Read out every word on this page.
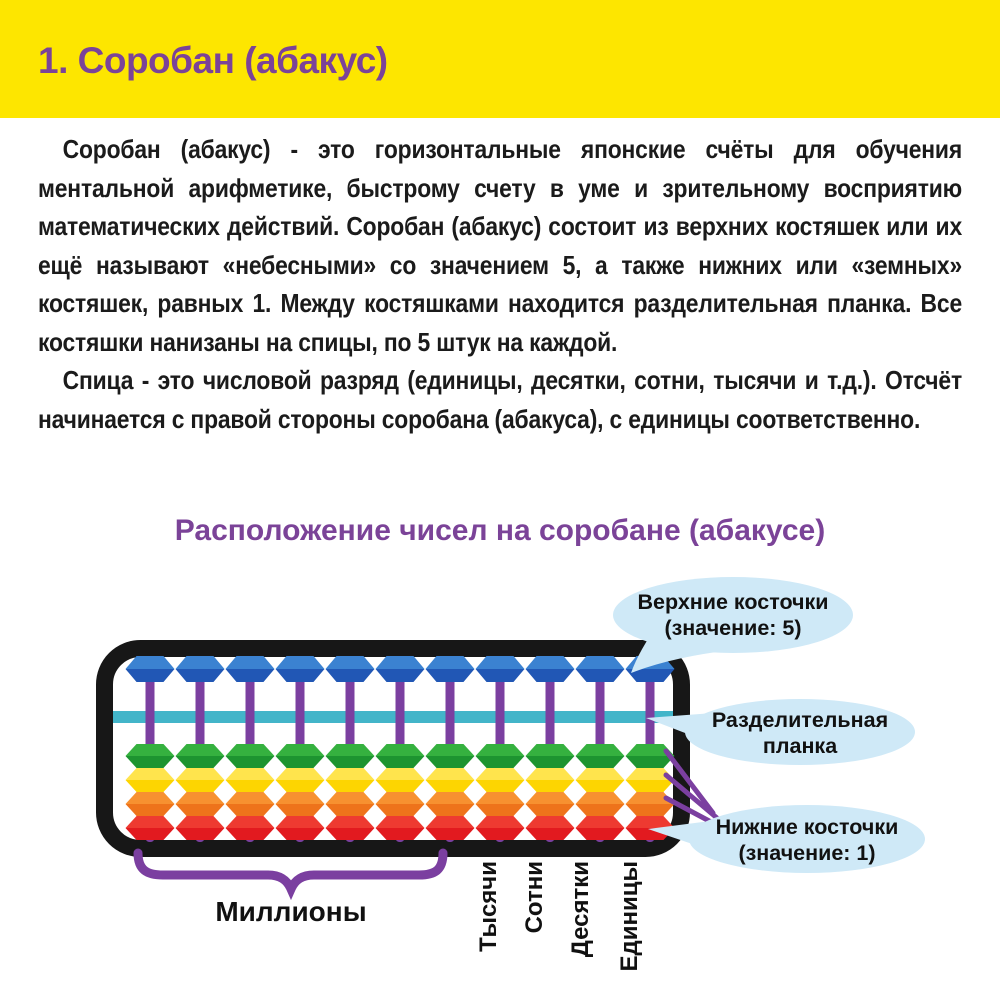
1. Соробан (абакус)

Соробан (абакус) - это горизонтальные японские счёты для обучения ментальной арифметике, быстрому счету в уме и зрительному восприятию математических действий. Соробан (абакус) состоит из верхних костяшек или их ещё называют «небесными» со значением 5, а также нижних или «земных» костяшек, равных 1. Между костяшками находится разделительная планка. Все костяшки нанизаны на спицы, по 5 штук на каждой.

Спица - это числовой разряд (единицы, десятки, сотни, тысячи и т.д.). Отсчёт начинается с правой стороны соробана (абакуса), с единицы соответственно.

Расположение чисел на соробане (абакусе)
Верхние косточки
(значение: 5)
Разделительная
планка
Нижние косточки
(значение: 1)
Миллионы	Тысячи Сотни Десятки Единицы
